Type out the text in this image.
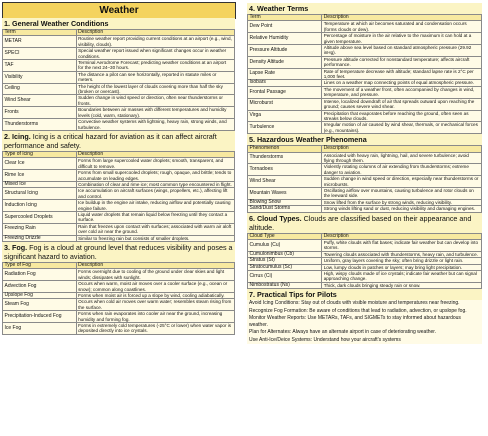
Weather
1. General Weather Conditions
Term	Description
METAR	Routine weather report providing current conditions at an airport (e.g., wind, visibility, clouds).
SPECI	Special weather report issued when significant changes occur in weather conditions.
TAF	Terminal Aerodrome Forecast; predicting weather conditions at an airport for the next 24–30 hours.
Visibility	The distance a pilot can see horizontally, reported in statute miles or meters.
Ceiling	The height of the lowest layer of clouds covering more than half the sky (broken or overcast).
Wind Shear	Sudden change in wind speed or direction, often near thunderstorms or fronts.
Fronts	Boundaries between air masses with different temperatures and humidity levels (cold, warm, stationary).
Thunderstorms	Convective weather systems with lightning, heavy rain, strong winds, and turbulence.
2. Icing. Icing is a critical hazard for aviation as it can affect aircraft performance and safety.
Type of Icing	Description
Clear Ice	Forms from large supercooled water droplets; smooth, transparent, and difficult to remove.
Rime Ice	Forms from small supercooled droplets; rough, opaque, and brittle; tends to accumulate on leading edges.
Mixed Ice	Combination of clear and rime ice; most common type encountered in flight.
Structural Icing	Ice accumulation on aircraft surfaces (wings, propellers, etc.), affecting lift and control.
Induction Icing	Ice buildup in the engine air intake, reducing airflow and potentially causing engine failure.
Supercooled Droplets	Liquid water droplets that remain liquid below freezing until they contact a surface.
Freezing Rain	Rain that freezes upon contact with surfaces; associated with warm air aloft over cold air near the ground.
Freezing Drizzle	Similar to freezing rain but consists of smaller droplets.
3. Fog. Fog is a cloud at ground level that reduces visibility and poses a significant hazard to aviation.
Type of Fog	Description
Radiation Fog	Forms overnight due to cooling of the ground under clear skies and light winds; dissipates with sunlight.
Advection Fog	Occurs when warm, moist air moves over a cooler surface (e.g., ocean or snow); common along coastlines.
Upslope Fog	Forms when moist air is forced up a slope by wind, cooling adiabatically.
Steam Fog	Occurs when cold air moves over warm water; resembles steam rising from the surface.
Precipitation-Induced Fog	Forms when rain evaporates into cooler air near the ground, increasing humidity and forming fog.
Ice Fog	Forms in extremely cold temperatures (-25°C or lower) when water vapor is deposited directly into ice crystals.
4. Weather Terms
Term	Description
Dew Point	Temperature at which air becomes saturated and condensation occurs (forms clouds or dew).
Relative Humidity	Percentage of moisture in the air relative to the maximum it can hold at a given temperature.
Pressure Altitude	Altitude above sea level based on standard atmospheric pressure (29.92 inHg).
Density Altitude	Pressure altitude corrected for nonstandard temperature; affects aircraft performance.
Lapse Rate	Rate of temperature decrease with altitude; standard lapse rate is 2°C per 1,000 feet.
Isobars	Lines on a weather map connecting points of equal atmospheric pressure.
Frontal Passage	The movement of a weather front, often accompanied by changes in wind, temperature, and pressure.
Microburst	Intense, localized downdraft of air that spreads outward upon reaching the ground; causes severe wind shear.
Virga	Precipitation that evaporates before reaching the ground, often seen as streaks below clouds.
Turbulence	Irregular motion of air caused by wind shear, thermals, or mechanical forces (e.g., mountains).
5. Hazardous Weather Phenomena
Phenomenon	Description
Thunderstorms	Associated with heavy rain, lightning, hail, and severe turbulence; avoid flying through them.
Tornadoes	Violently rotating columns of air extending from thunderstorms; extreme danger to aviation.
Wind Shear	Sudden change in wind speed or direction, especially near thunderstorms or microbursts.
Mountain Waves	Oscillating airflow over mountains, causing turbulence and rotor clouds on the leeward side.
Blowing Snow	Snow lifted from the surface by strong winds, reducing visibility.
Sand/Dust Storms	Strong winds lifting sand or dust, reducing visibility and damaging engines.
6. Cloud Types. Clouds are classified based on their appearance and altitude.
Cloud Type	Description
Cumulus (Cu)	Puffy, white clouds with flat bases; indicate fair weather but can develop into storms.
Cumulonimbus (Cb)	Towering clouds associated with thunderstorms, heavy rain, and turbulence.
Stratus (St)	Uniform, gray layers covering the sky; often bring drizzle or light rain.
Stratocumulus (Sc)	Low, lumpy clouds in patches or layers; may bring light precipitation.
Cirrus (Ci)	High, wispy clouds made of ice crystals; indicate fair weather but can signal approaching change.
Nimbostratus (Ns)	Thick, dark clouds bringing steady rain or snow.
7. Practical Tips for Pilots
Avoid Icing Conditions: Stay out of clouds with visible moisture and temperatures near freezing.
Recognize Fog Formation: Be aware of conditions that lead to radiation, advection, or upslope fog.
Monitor Weather Reports: Use METARs, TAFs, and SIGMETs to stay informed about hazardous weather.
Plan for Alternates: Always have an alternate airport in case of deteriorating weather.
Use Anti-Ice/Deice Systems: Understand how your aircraft's systems
